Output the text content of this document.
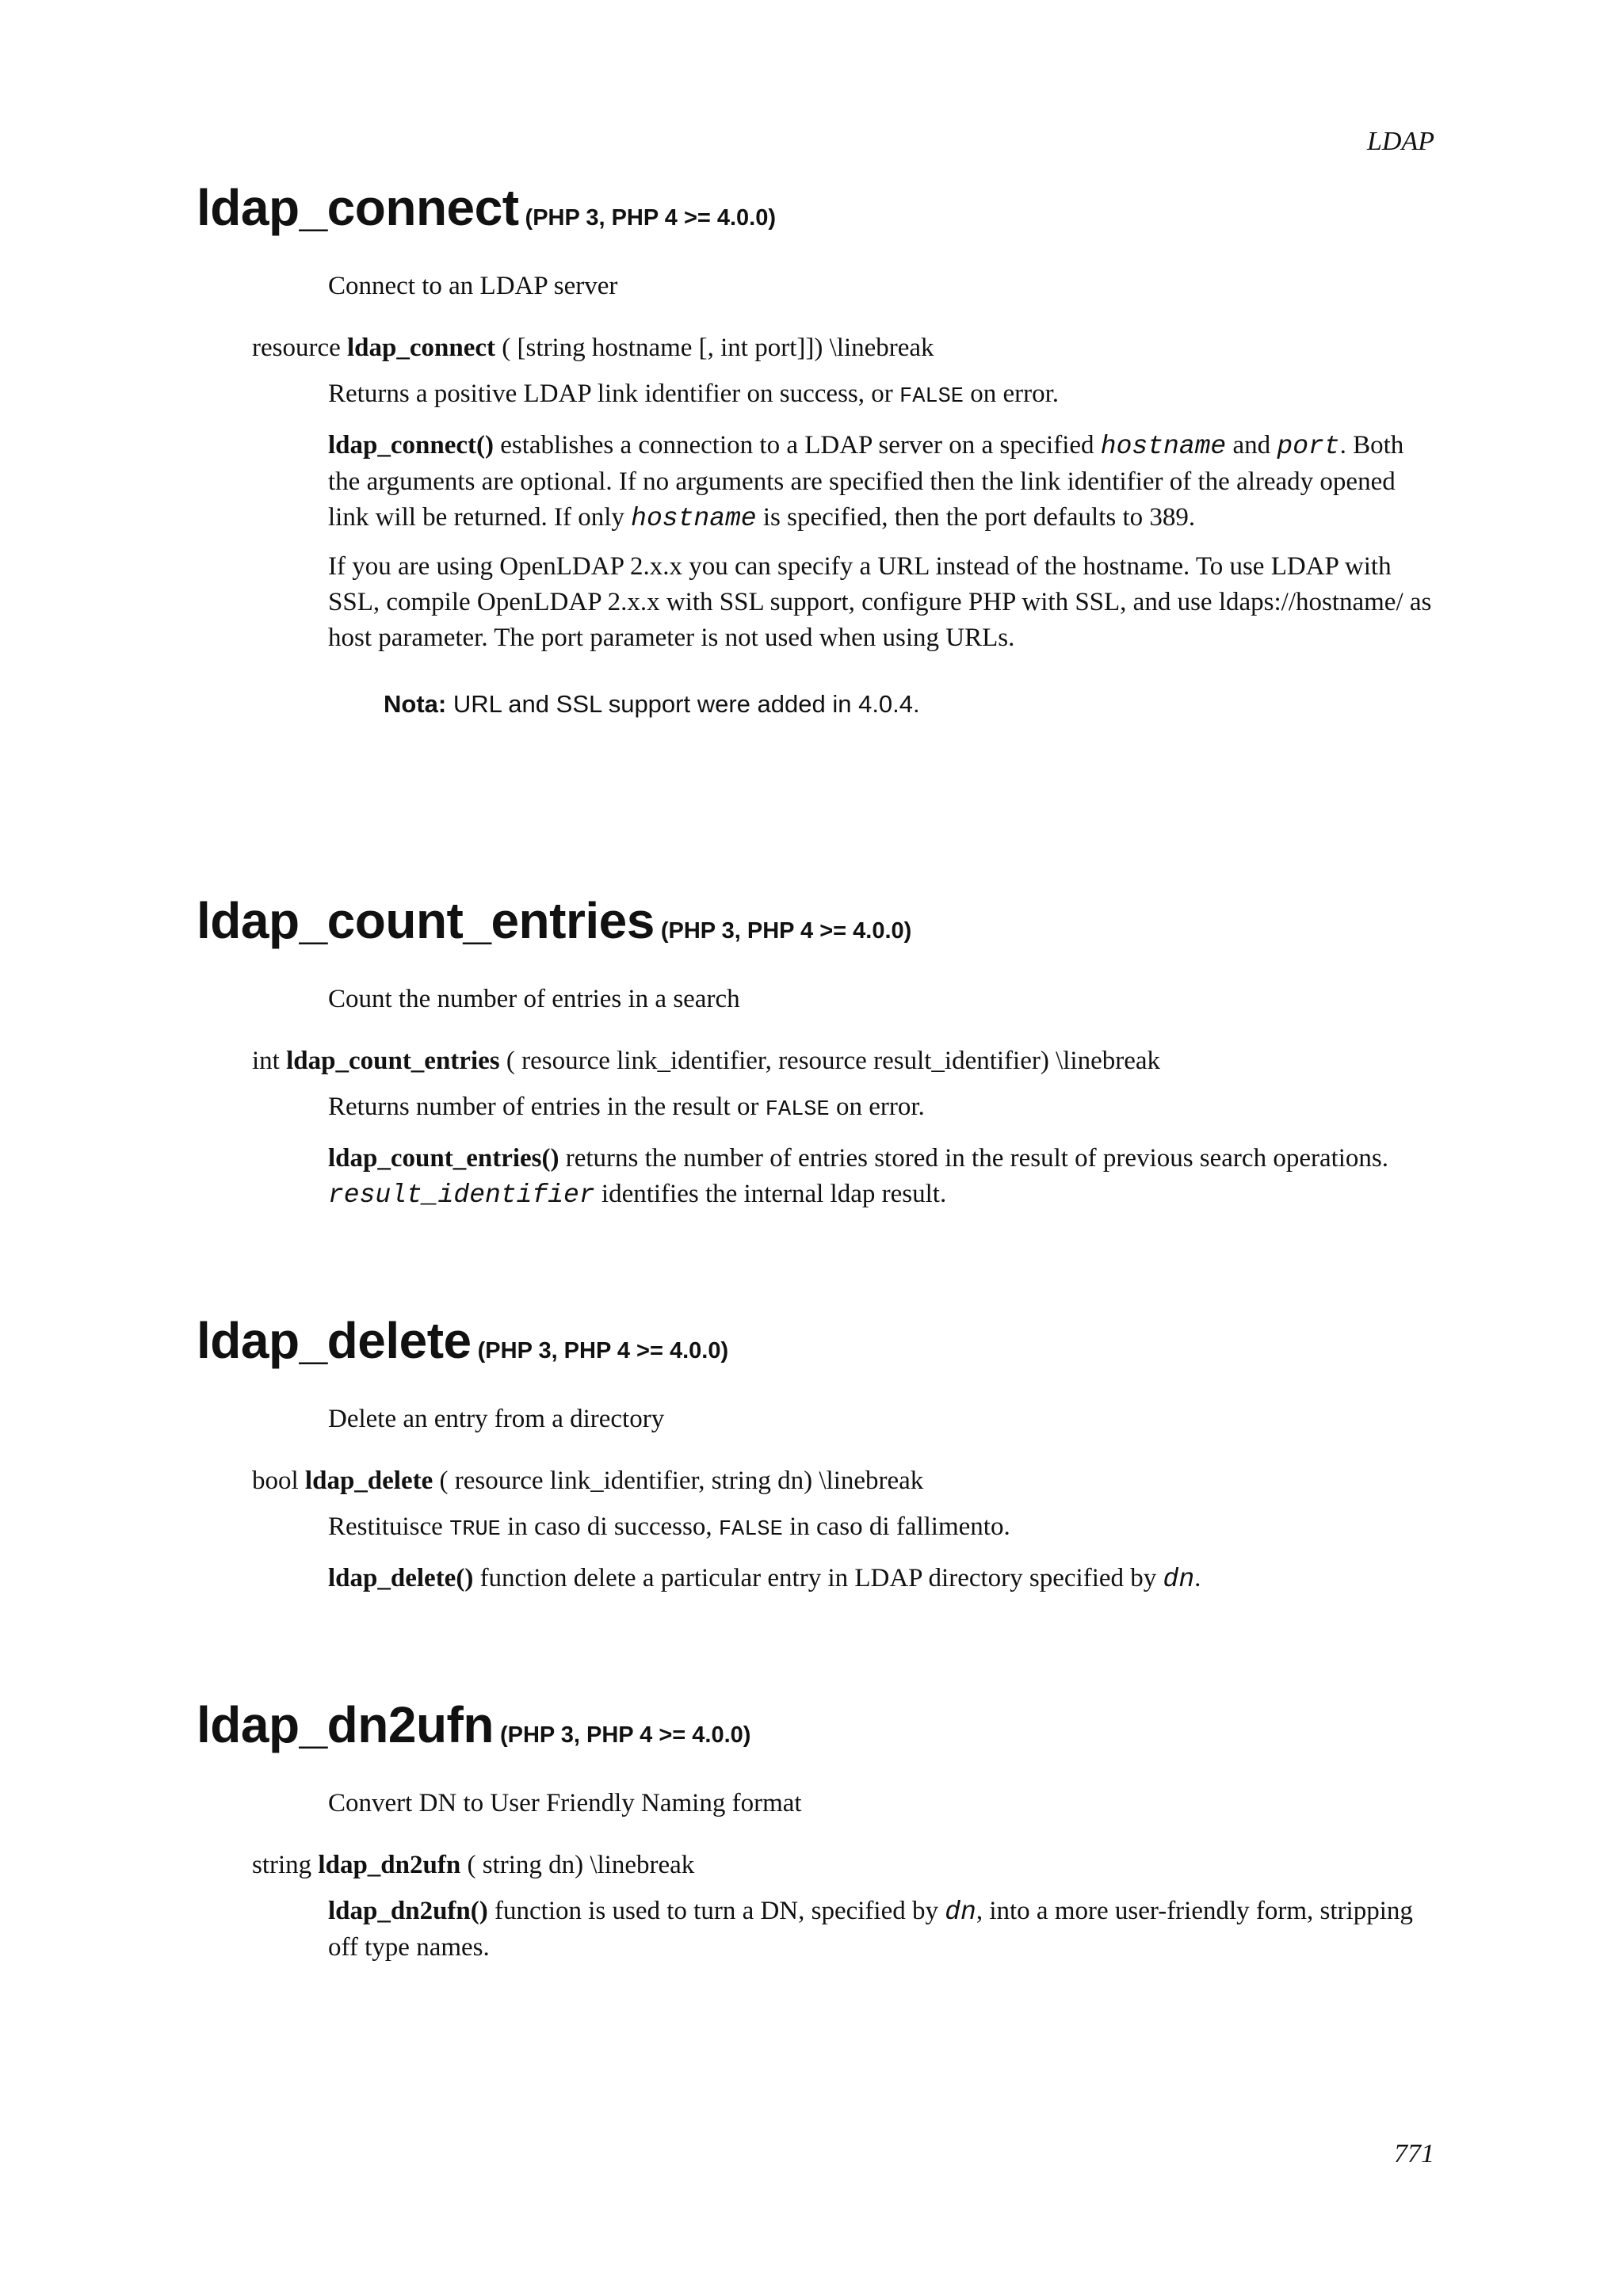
LDAP
ldap_connect (PHP 3, PHP 4 >= 4.0.0)

Connect to an LDAP server

resource ldap_connect ( [string hostname [, int port]]) \linebreak

Returns a positive LDAP link identifier on success, or FALSE on error.

ldap_connect() establishes a connection to a LDAP server on a specified hostname and port. Both the arguments are optional. If no arguments are specified then the link identifier of the already opened link will be returned. If only hostname is specified, then the port defaults to 389.

If you are using OpenLDAP 2.x.x you can specify a URL instead of the hostname. To use LDAP with SSL, compile OpenLDAP 2.x.x with SSL support, configure PHP with SSL, and use ldaps://hostname/ as host parameter. The port parameter is not used when using URLs.

Nota: URL and SSL support were added in 4.0.4.

ldap_count_entries (PHP 3, PHP 4 >= 4.0.0)

Count the number of entries in a search

int ldap_count_entries ( resource link_identifier, resource result_identifier) \linebreak

Returns number of entries in the result or FALSE on error.

ldap_count_entries() returns the number of entries stored in the result of previous search operations. result_identifier identifies the internal ldap result.

ldap_delete (PHP 3, PHP 4 >= 4.0.0)

Delete an entry from a directory

bool ldap_delete ( resource link_identifier, string dn) \linebreak

Restituisce TRUE in caso di successo, FALSE in caso di fallimento.

ldap_delete() function delete a particular entry in LDAP directory specified by dn.

ldap_dn2ufn (PHP 3, PHP 4 >= 4.0.0)

Convert DN to User Friendly Naming format

string ldap_dn2ufn ( string dn) \linebreak

ldap_dn2ufn() function is used to turn a DN, specified by dn, into a more user-friendly form, stripping off type names.

771
